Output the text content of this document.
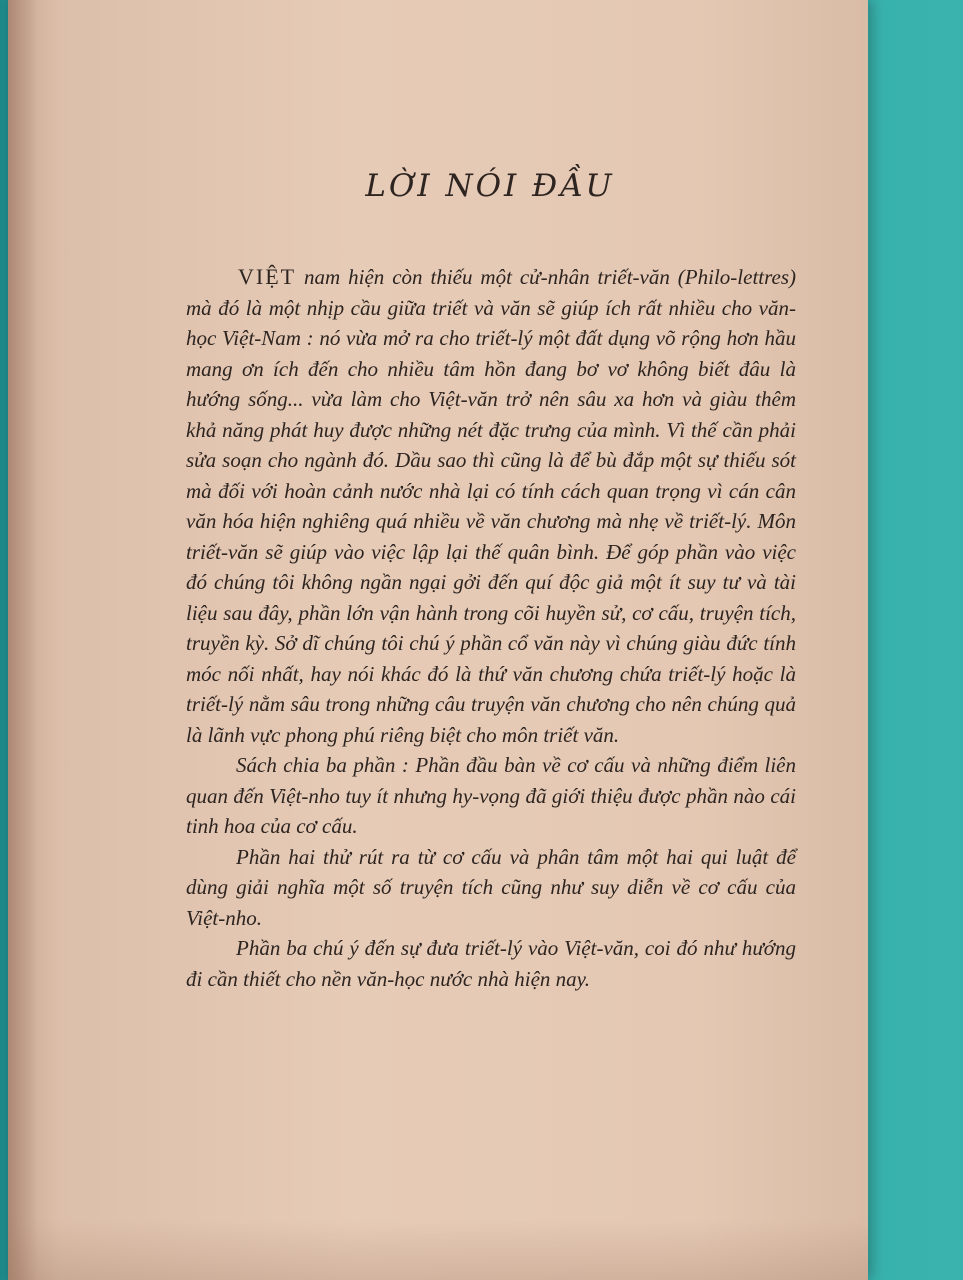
LỜI NÓI ĐẦU

VIỆT nam hiện còn thiếu một cử-nhân triết-văn (Philo-lettres) mà đó là một nhịp cầu giữa triết và văn sẽ giúp ích rất nhiều cho văn-học Việt-Nam : nó vừa mở ra cho triết-lý một đất dụng võ rộng hơn hầu mang ơn ích đến cho nhiều tâm hồn đang bơ vơ không biết đâu là hướng sống... vừa làm cho Việt-văn trở nên sâu xa hơn và giàu thêm khả năng phát huy được những nét đặc trưng của mình. Vì thế cần phải sửa soạn cho ngành đó. Dầu sao thì cũng là để bù đắp một sự thiếu sót mà đối với hoàn cảnh nước nhà lại có tính cách quan trọng vì cán cân văn hóa hiện nghiêng quá nhiều về văn chương mà nhẹ về triết-lý. Môn triết-văn sẽ giúp vào việc lập lại thế quân bình. Để góp phần vào việc đó chúng tôi không ngần ngại gởi đến quí độc giả một ít suy tư và tài liệu sau đây, phần lớn vận hành trong cõi huyền sử, cơ cấu, truyện tích, truyền kỳ. Sở dĩ chúng tôi chú ý phần cổ văn này vì chúng giàu đức tính móc nối nhất, hay nói khác đó là thứ văn chương chứa triết-lý hoặc là triết-lý nằm sâu trong những câu truyện văn chương cho nên chúng quả là lãnh vực phong phú riêng biệt cho môn triết văn.

Sách chia ba phần : Phần đầu bàn về cơ cấu và những điểm liên quan đến Việt-nho tuy ít nhưng hy-vọng đã giới thiệu được phần nào cái tinh hoa của cơ cấu.

Phần hai thử rút ra từ cơ cấu và phân tâm một hai qui luật để dùng giải nghĩa một số truyện tích cũng như suy diễn về cơ cấu của Việt-nho.

Phần ba chú ý đến sự đưa triết-lý vào Việt-văn, coi đó như hướng đi cần thiết cho nền văn-học nước nhà hiện nay.
